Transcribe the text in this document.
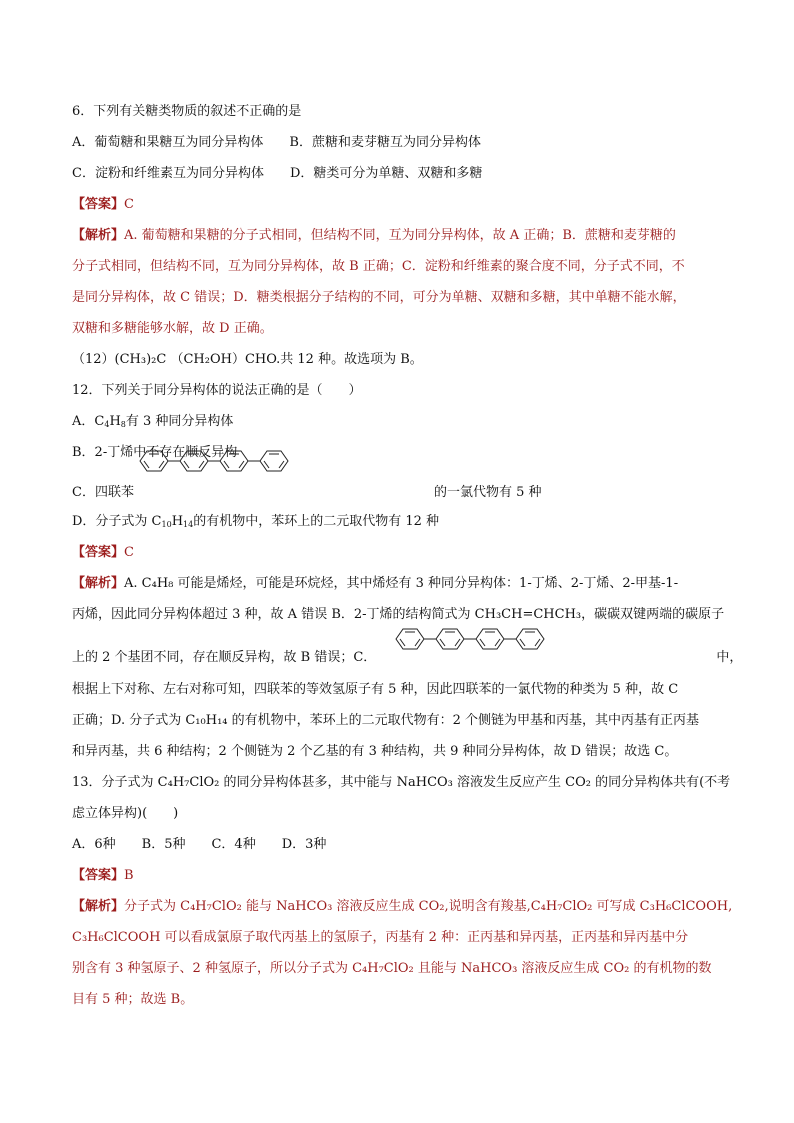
6．下列有关糖类物质的叙述不正确的是
A．葡萄糖和果糖互为同分异构体 B．蔗糖和麦芽糖互为同分异构体
C．淀粉和纤维素互为同分异构体 D．糖类可分为单糖、双糖和多糖
【答案】C
【解析】A. 葡萄糖和果糖的分子式相同，但结构不同，互为同分异构体，故 A 正确；B．蔗糖和麦芽糖的
分子式相同，但结构不同，互为同分异构体，故 B 正确；C．淀粉和纤维素的聚合度不同，分子式不同，不
是同分异构体，故 C 错误；D．糖类根据分子结构的不同，可分为单糖、双糖和多糖，其中单糖不能水解，
双糖和多糖能够水解，故 D 正确。
（12）(CH₃)₂C （CH₂OH）CHO.共 12 种。故选项为 B。
12．下列关于同分异构体的说法正确的是（　　）
A．$C_4H_8$有 3 种同分异构体
B．2-丁烯中不存在顺反异构
C．四联苯	的一氯代物有 5 种
D．分子式为 $C_{10}H_{14}$的有机物中，苯环上的二元取代物有 12 种
【答案】C
【解析】A. C₄H₈ 可能是烯烃，可能是环烷烃，其中烯烃有 3 种同分异构体：1-丁烯、2-丁烯、2-甲基-1-
丙烯，因此同分异构体超过 3 种，故 A 错误 B．2-丁烯的结构简式为 CH₃CH=CHCH₃，碳碳双键两端的碳原子
上的 2 个基团不同，存在顺反异构，故 B 错误；C．	中，
根据上下对称、左右对称可知，四联苯的等效氢原子有 5 种，因此四联苯的一氯代物的种类为 5 种，故 C
正确；D. 分子式为 C₁₀H₁₄ 的有机物中，苯环上的二元取代物有：2 个侧链为甲基和丙基，其中丙基有正丙基
和异丙基，共 6 种结构；2 个侧链为 2 个乙基的有 3 种结构，共 9 种同分异构体，故 D 错误；故选 C。
13．分子式为 C₄H₇ClO₂ 的同分异构体甚多，其中能与 NaHCO₃ 溶液发生反应产生 CO₂ 的同分异构体共有(不考
虑立体异构)(　　)
A．6种　　B．5种　　C．4种　　D．3种
【答案】B
【解析】分子式为 C₄H₇ClO₂ 能与 NaHCO₃ 溶液反应生成 CO₂,说明含有羧基,C₄H₇ClO₂ 可写成 C₃H₆ClCOOH,
C₃H₆ClCOOH 可以看成氯原子取代丙基上的氢原子，丙基有 2 种：正丙基和异丙基，正丙基和异丙基中分
别含有 3 种氢原子、2 种氢原子，所以分子式为 C₄H₇ClO₂ 且能与 NaHCO₃ 溶液反应生成 CO₂ 的有机物的数
目有 5 种；故选 B。
